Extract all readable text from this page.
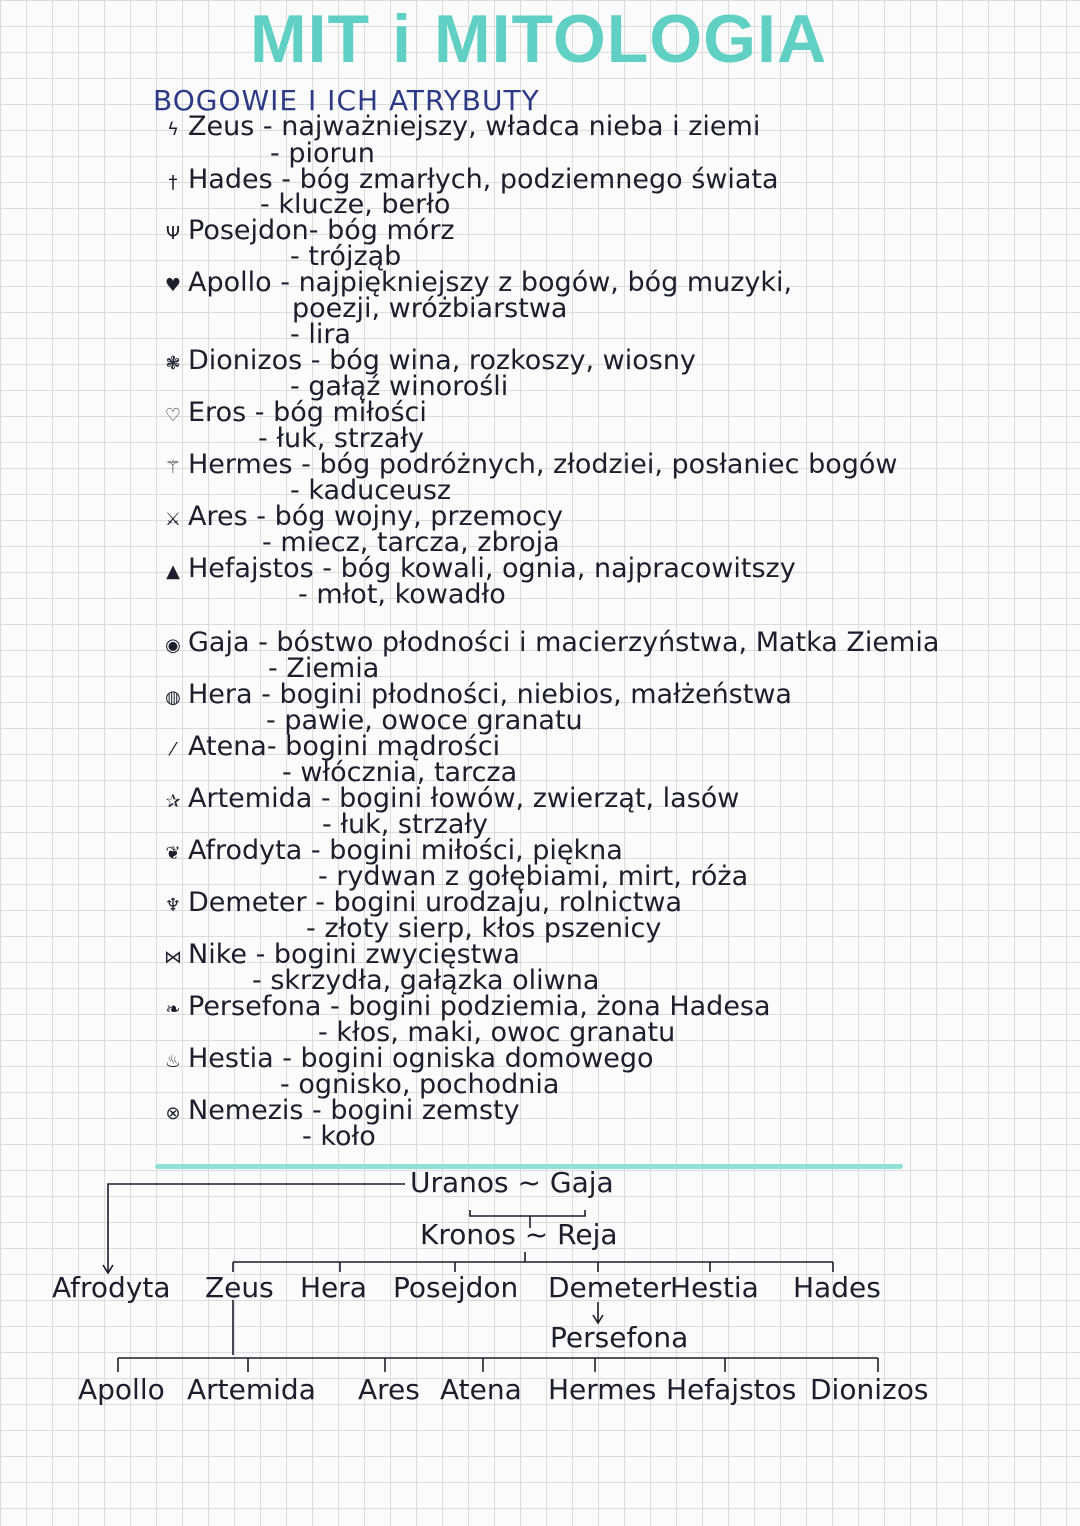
MIT i MITOLOGIA
BOGOWIE I ICH ATRYBUTY
ϟ Zeus - najważniejszy, władca nieba i ziemi
- piorun
† Hades - bóg zmarłych, podziemnego świata
- klucze, berło
Ψ Posejdon- bóg mórz
- trójząb
♥ Apollo - najpiękniejszy z bogów, bóg muzyki,
poezji, wróżbiarstwa
- lira
❃ Dionizos - bóg wina, rozkoszy, wiosny
- gałąź winorośli
♡ Eros - bóg miłości
- łuk, strzały
⚚ Hermes - bóg podróżnych, złodziei, posłaniec bogów
- kaduceusz
⚔ Ares - bóg wojny, przemocy
- miecz, tarcza, zbroja
▲ Hefajstos - bóg kowali, ognia, najpracowitszy
- młot, kowadło
◉ Gaja - bóstwo płodności i macierzyństwa, Matka Ziemia
- Ziemia
◍ Hera - bogini płodności, niebios, małżeństwa
- pawie, owoce granatu
⁄ Atena- bogini mądrości
- włócznia, tarcza
✰ Artemida - bogini łowów, zwierząt, lasów
- łuk, strzały
❦ Afrodyta - bogini miłości, piękna
- rydwan z gołębiami, mirt, róża
♆ Demeter - bogini urodzaju, rolnictwa
- złoty sierp, kłos pszenicy
⋈ Nike - bogini zwycięstwa
- skrzydła, gałązka oliwna
❧ Persefona - bogini podziemia, żona Hadesa
- kłos, maki, owoc granatu
♨ Hestia - bogini ogniska domowego
- ognisko, pochodnia
⊗ Nemezis - bogini zemsty
- koło
Uranos ~ Gaja
Kronos ~ Reja
Afrodyta Zeus Hera Posejdon Demeter
Hestia Hades
Persefona
Apollo Artemida Ares Atena Hermes Hefajstos Dionizos
